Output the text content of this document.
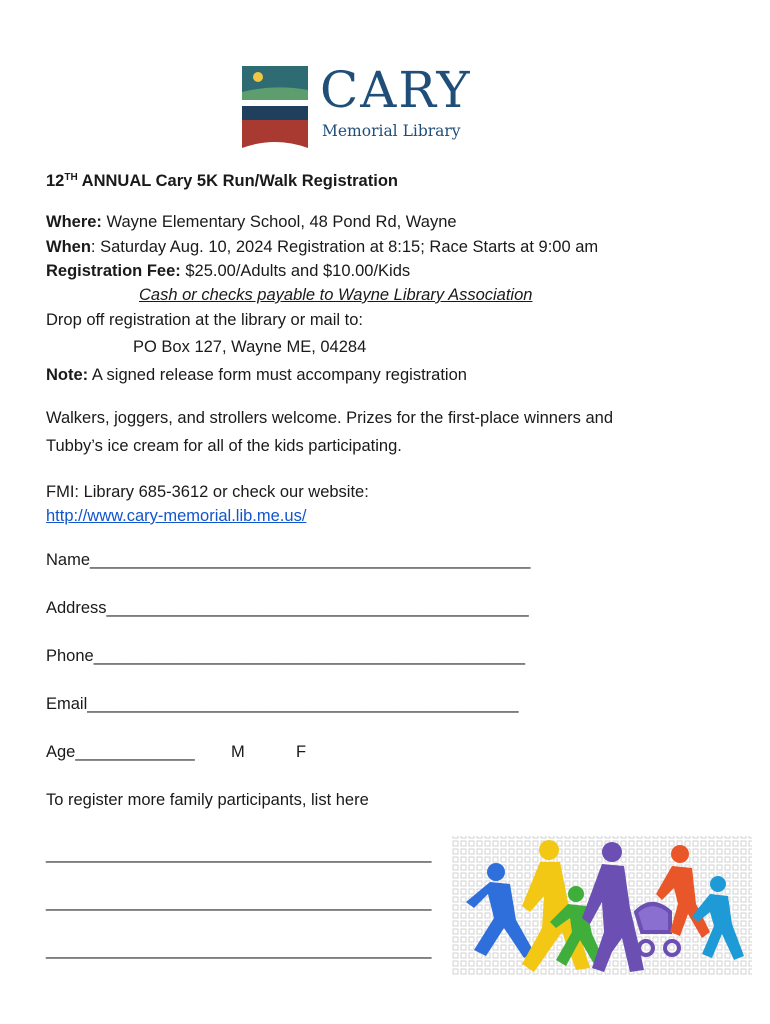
CARY
Memorial Library
12TH ANNUAL Cary 5K Run/Walk Registration
Where: Wayne Elementary School, 48 Pond Rd, Wayne
When: Saturday Aug. 10, 2024 Registration at 8:15; Race Starts at 9:00 am
Registration Fee: $25.00/Adults and $10.00/Kids
Cash or checks payable to Wayne Library Association
Drop off registration at the library or mail to:
PO Box 127, Wayne ME, 04284
Note: A signed release form must accompany registration
Walkers, joggers, and strollers welcome. Prizes for the first-place winners and
Tubby’s ice cream for all of the kids participating.
FMI: Library 685-3612 or check our website:
http://www.cary-memorial.lib.me.us/
Name________________________________________________
Address______________________________________________
Phone_______________________________________________
Email_______________________________________________
Age_____________ M	F
To register more family participants, list here
__________________________________________
__________________________________________
__________________________________________
